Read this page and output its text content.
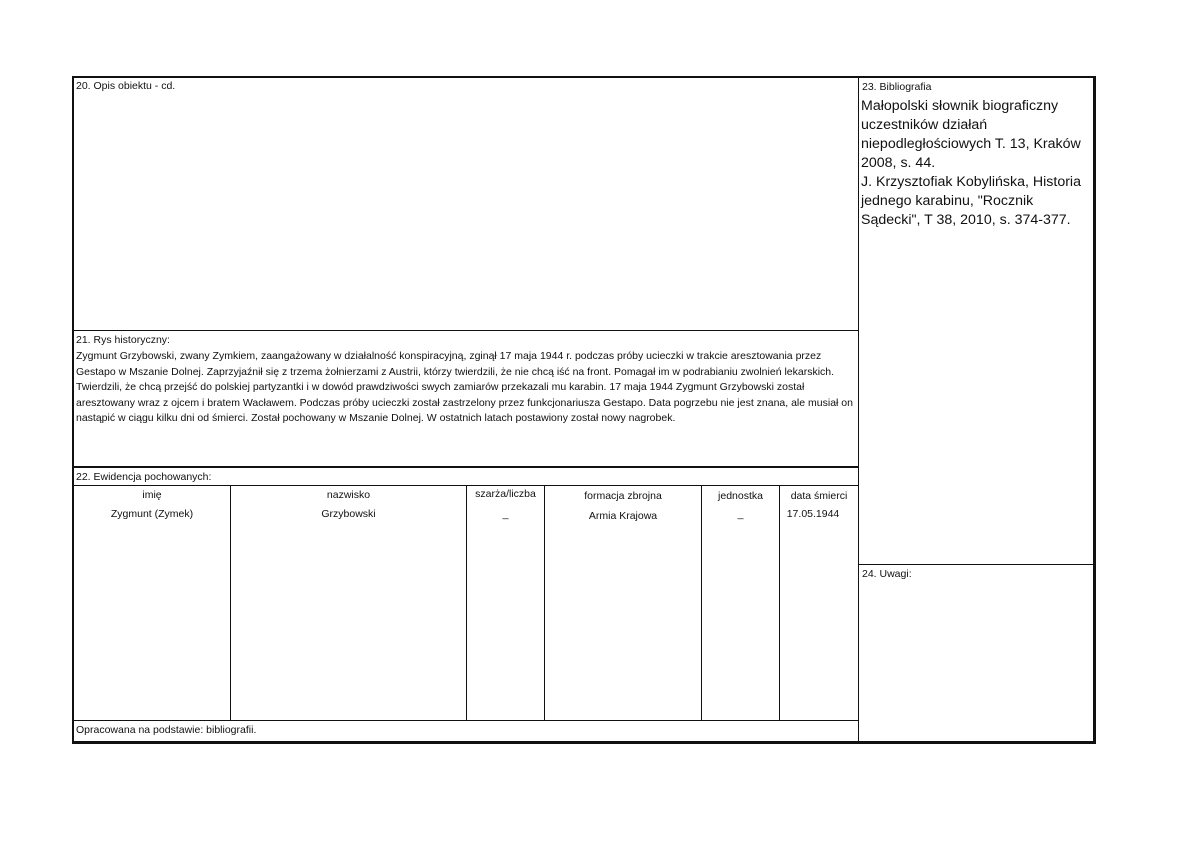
20. Opis obiektu - cd.
21. Rys historyczny:
Zygmunt Grzybowski, zwany Zymkiem, zaangażowany w działalność konspiracyjną, zginął 17 maja 1944 r. podczas próby ucieczki w trakcie aresztowania przez Gestapo w Mszanie Dolnej. Zaprzyjaźnił się z trzema żołnierzami z Austrii, którzy twierdzili, że nie chcą iść na front. Pomagał im w podrabianiu zwolnień lekarskich. Twierdzili, że chcą przejść do polskiej partyzantki i w dowód prawdziwości swych zamiarów przekazali mu karabin. 17 maja 1944 Zygmunt Grzybowski został aresztowany wraz z ojcem i bratem Wacławem. Podczas próby ucieczki został zastrzelony przez funkcjonariusza Gestapo. Data pogrzebu nie jest znana, ale musiał on nastąpić w ciągu kilku dni od śmierci. Został pochowany w Mszanie Dolnej. W ostatnich latach postawiony został nowy nagrobek.
22. Ewidencja pochowanych:
imię	nazwisko	szarża/liczba	formacja zbrojna	jednostka	data śmierci
Zygmunt (Zymek)	Grzybowski	_	Armia Krajowa	_	17.05.1944
Opracowana na podstawie: bibliografii.
23. Bibliografia
Małopolski słownik biograficzny uczestników działań niepodległościowych T. 13, Kraków 2008, s. 44.
J. Krzysztofiak Kobylińska, Historia jednego karabinu, "Rocznik Sądecki", T 38, 2010, s. 374-377.
24. Uwagi:
